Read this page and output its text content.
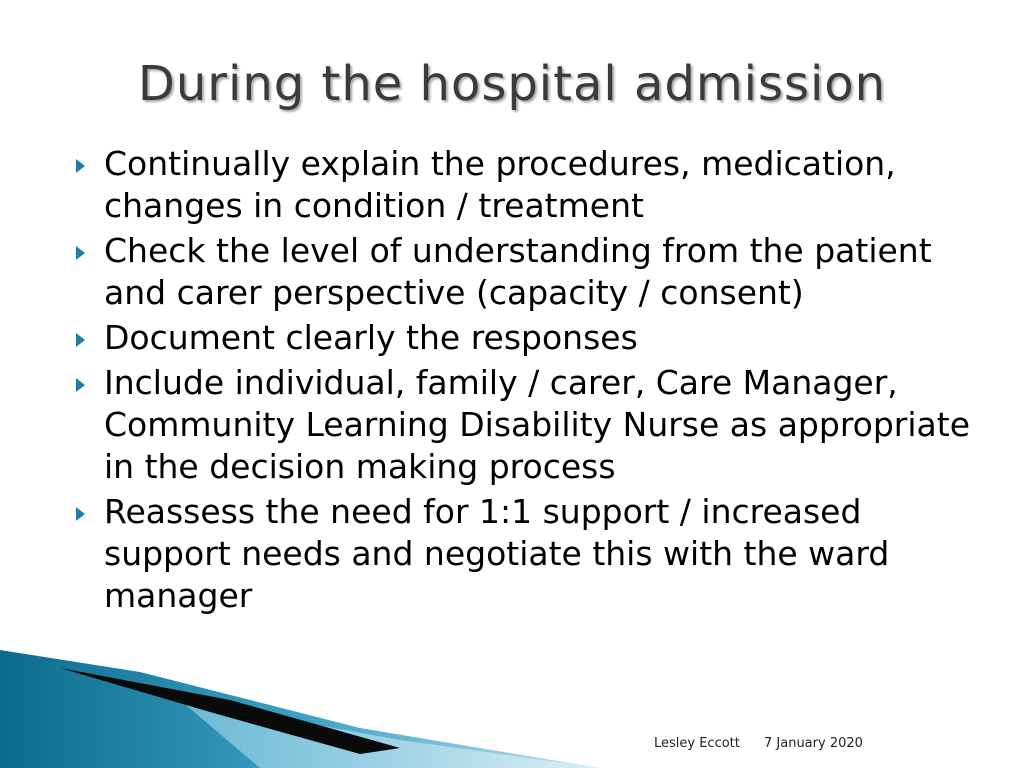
During the hospital admission
Continually explain the procedures, medication, changes in condition / treatment
Check the level of understanding from the patient and carer perspective (capacity / consent)
Document clearly the responses
Include individual, family / carer, Care Manager, Community Learning Disability Nurse as appropriate in the decision making process
Reassess the need for 1:1 support / increased support needs and negotiate this with the ward manager
Lesley Eccott 7 January 2020
